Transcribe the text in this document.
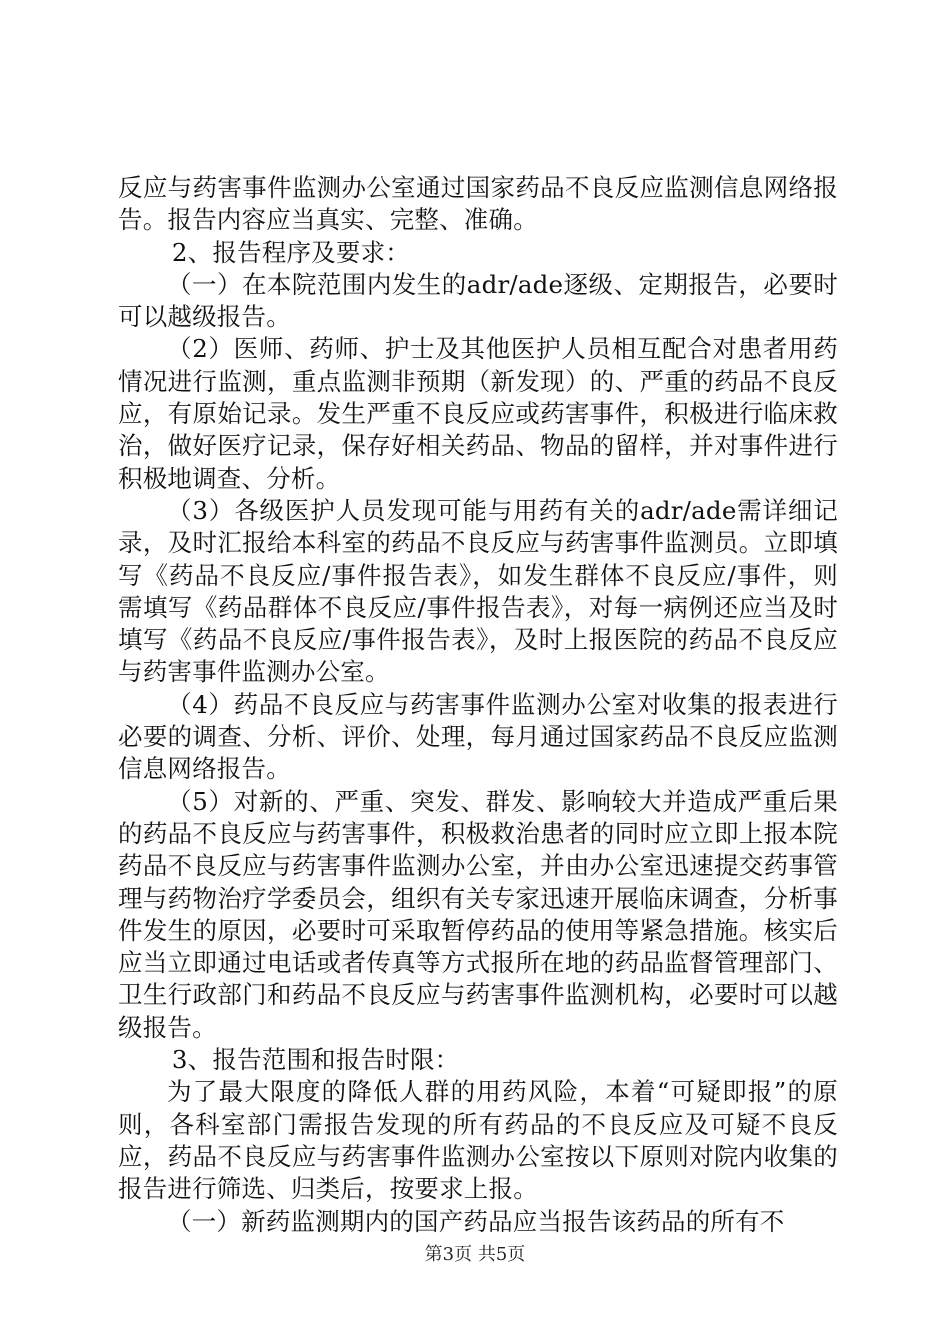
反应与药害事件监测办公室通过国家药品不良反应监测信息网络报告。报告内容应当真实、完整、准确。

2、报告程序及要求：

（一）在本院范围内发生的adr/ade逐级、定期报告，必要时可以越级报告。

（2）医师、药师、护士及其他医护人员相互配合对患者用药情况进行监测，重点监测非预期（新发现）的、严重的药品不良反应，有原始记录。发生严重不良反应或药害事件，积极进行临床救治，做好医疗记录，保存好相关药品、物品的留样，并对事件进行积极地调查、分析。

（3）各级医护人员发现可能与用药有关的adr/ade需详细记录，及时汇报给本科室的药品不良反应与药害事件监测员。立即填写《药品不良反应/事件报告表》，如发生群体不良反应/事件，则需填写《药品群体不良反应/事件报告表》，对每一病例还应当及时填写《药品不良反应/事件报告表》，及时上报医院的药品不良反应与药害事件监测办公室。

（4）药品不良反应与药害事件监测办公室对收集的报表进行必要的调查、分析、评价、处理，每月通过国家药品不良反应监测信息网络报告。

（5）对新的、严重、突发、群发、影响较大并造成严重后果的药品不良反应与药害事件，积极救治患者的同时应立即上报本院药品不良反应与药害事件监测办公室，并由办公室迅速提交药事管理与药物治疗学委员会，组织有关专家迅速开展临床调查，分析事件发生的原因，必要时可采取暂停药品的使用等紧急措施。核实后应当立即通过电话或者传真等方式报所在地的药品监督管理部门、卫生行政部门和药品不良反应与药害事件监测机构，必要时可以越级报告。

3、报告范围和报告时限：

为了最大限度的降低人群的用药风险，本着“可疑即报”的原则，各科室部门需报告发现的所有药品的不良反应及可疑不良反应，药品不良反应与药害事件监测办公室按以下原则对院内收集的报告进行筛选、归类后，按要求上报。

（一）新药监测期内的国产药品应当报告该药品的所有不

第3页 共5页
